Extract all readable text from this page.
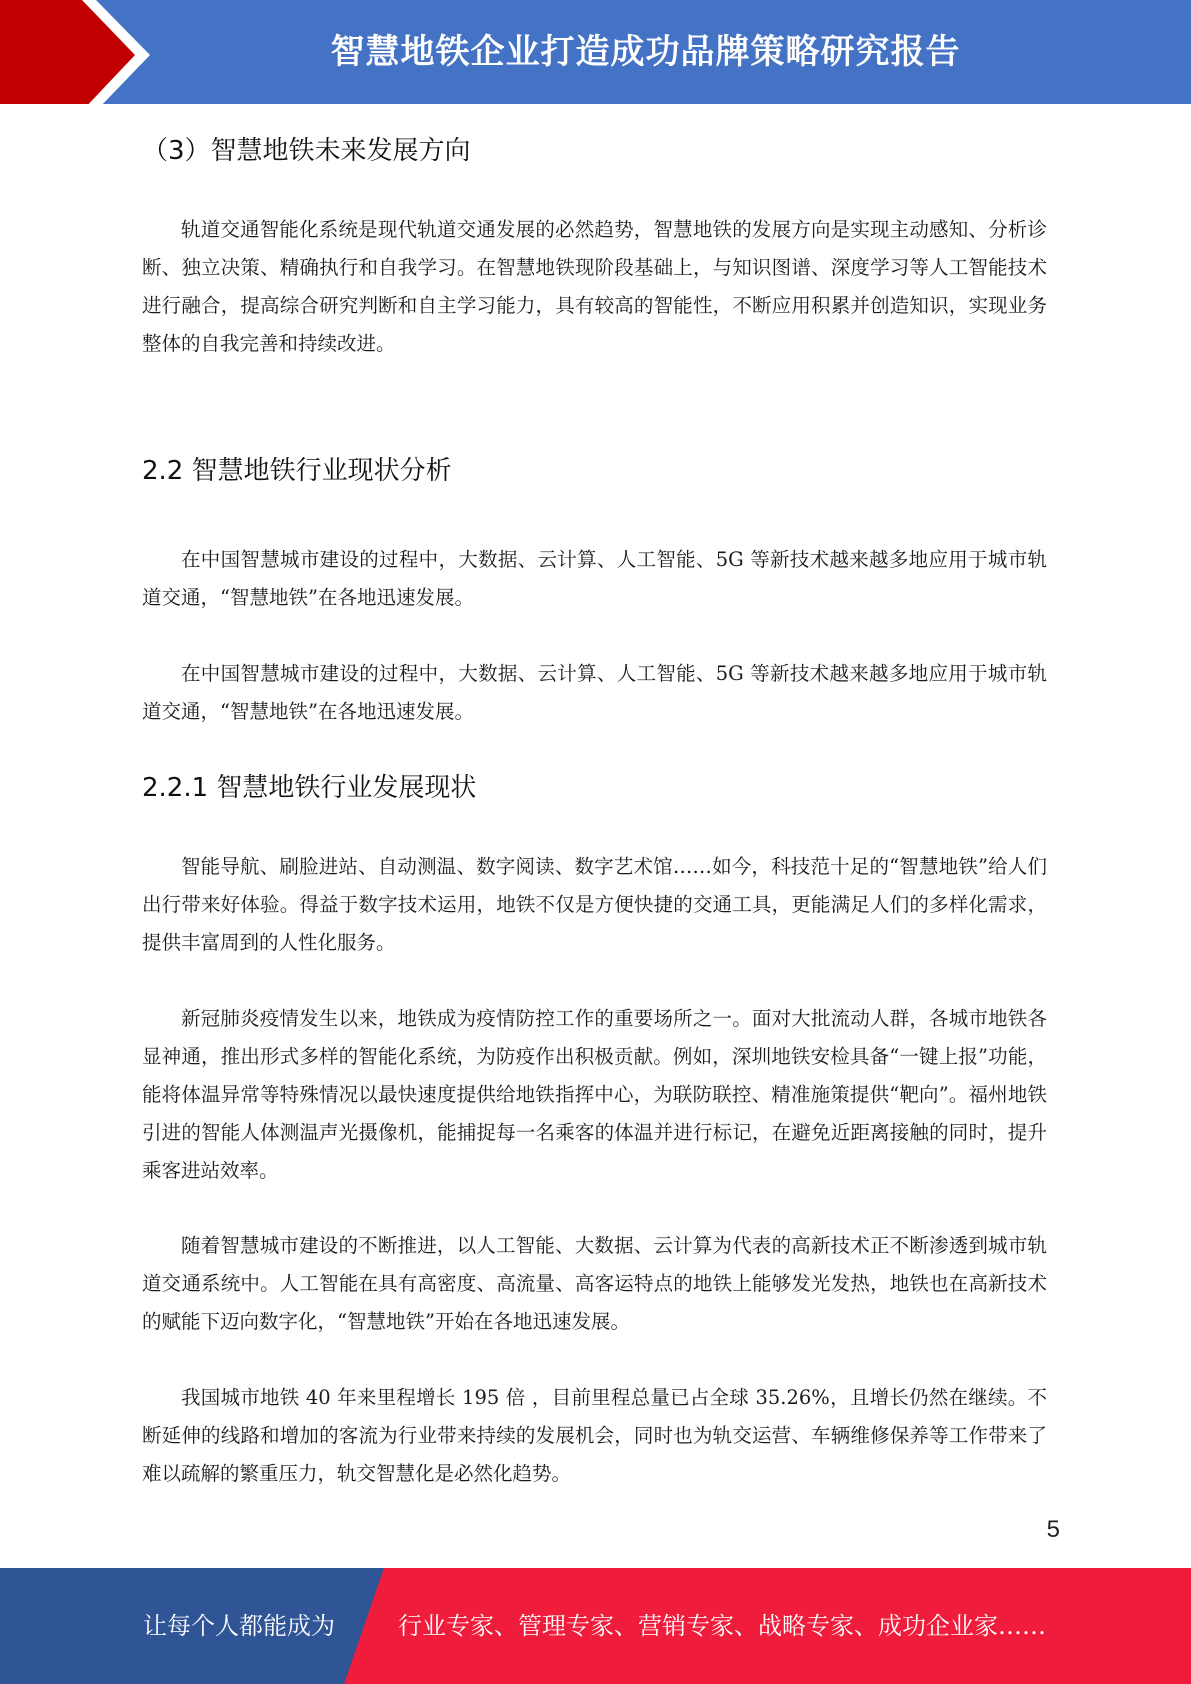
智慧地铁企业打造成功品牌策略研究报告
（3）智慧地铁未来发展方向

轨道交通智能化系统是现代轨道交通发展的必然趋势，智慧地铁的发展方向是实现主动感知、分析诊断、独立决策、精确执行和自我学习。在智慧地铁现阶段基础上，与知识图谱、深度学习等人工智能技术进行融合，提高综合研究判断和自主学习能力，具有较高的智能性，不断应用积累并创造知识，实现业务整体的自我完善和持续改进。

2.2 智慧地铁行业现状分析

在中国智慧城市建设的过程中，大数据、云计算、人工智能、5G 等新技术越来越多地应用于城市轨道交通，“智慧地铁”在各地迅速发展。

在中国智慧城市建设的过程中，大数据、云计算、人工智能、5G 等新技术越来越多地应用于城市轨道交通，“智慧地铁”在各地迅速发展。

2.2.1 智慧地铁行业发展现状

智能导航、刷脸进站、自动测温、数字阅读、数字艺术馆……如今，科技范十足的“智慧地铁”给人们出行带来好体验。得益于数字技术运用，地铁不仅是方便快捷的交通工具，更能满足人们的多样化需求，提供丰富周到的人性化服务。

新冠肺炎疫情发生以来，地铁成为疫情防控工作的重要场所之一。面对大批流动人群，各城市地铁各显神通，推出形式多样的智能化系统，为防疫作出积极贡献。例如，深圳地铁安检具备“一键上报”功能，能将体温异常等特殊情况以最快速度提供给地铁指挥中心，为联防联控、精准施策提供“靶向”。福州地铁引进的智能人体测温声光摄像机，能捕捉每一名乘客的体温并进行标记，在避免近距离接触的同时，提升乘客进站效率。

随着智慧城市建设的不断推进，以人工智能、大数据、云计算为代表的高新技术正不断渗透到城市轨道交通系统中。人工智能在具有高密度、高流量、高客运特点的地铁上能够发光发热，地铁也在高新技术的赋能下迈向数字化，“智慧地铁”开始在各地迅速发展。

我国城市地铁 40 年来里程增长 195 倍 ，目前里程总量已占全球 35.26%，且增长仍然在继续。不断延伸的线路和增加的客流为行业带来持续的发展机会，同时也为轨交运营、车辆维修保养等工作带来了难以疏解的繁重压力，轨交智慧化是必然化趋势。

5
让每个人都能成为	行业专家、管理专家、营销专家、战略专家、成功企业家……
